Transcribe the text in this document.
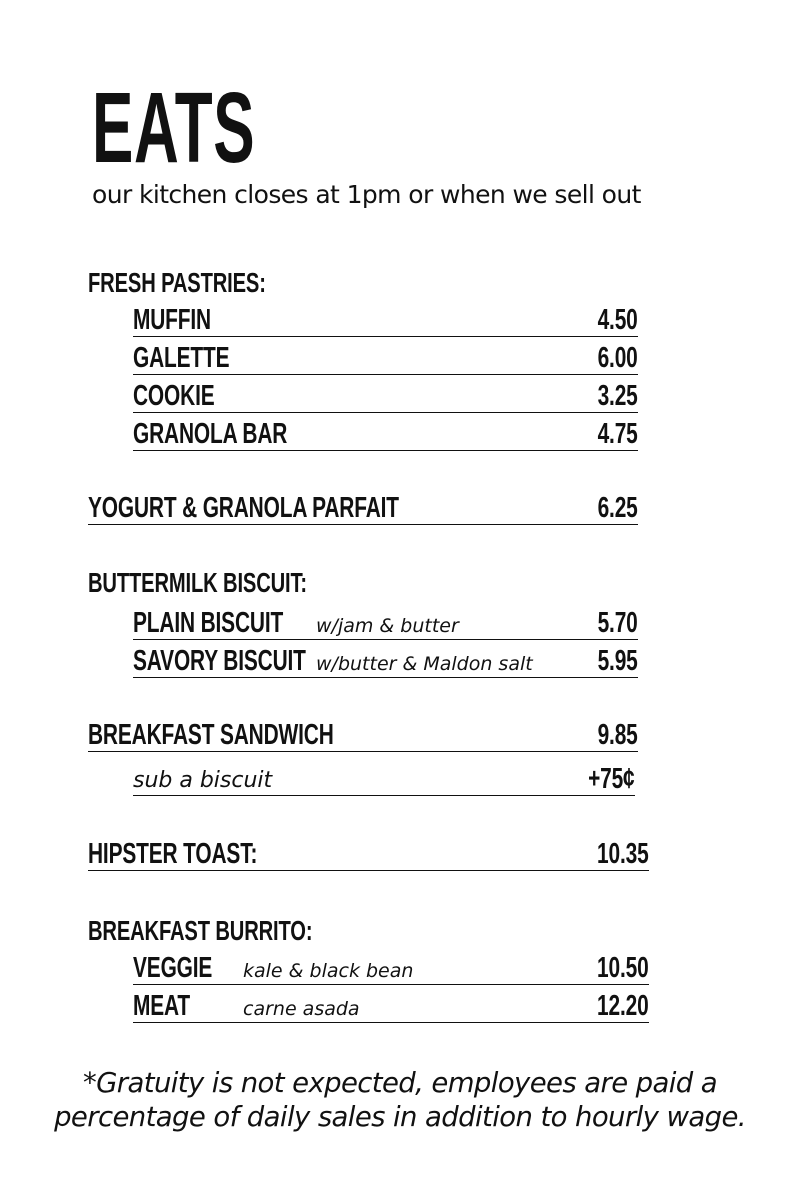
EATS
our kitchen closes at 1pm or when we sell out
FRESH PASTRIES:
MUFFIN	4.50
GALETTE	6.00
COOKIE	3.25
GRANOLA BAR	4.75
YOGURT & GRANOLA PARFAIT	6.25
BUTTERMILK BISCUIT:
PLAIN BISCUIT w/jam & butter	5.70
SAVORY BISCUIT w/butter & Maldon salt 5.95
BREAKFAST SANDWICH	9.85
sub a biscuit	+75¢
HIPSTER TOAST:	10.35
BREAKFAST BURRITO:
VEGGIE kale & black bean	10.50
MEAT	carne asada	12.20
*Gratuity is not expected, employees are paid a
percentage of daily sales in addition to hourly wage.
